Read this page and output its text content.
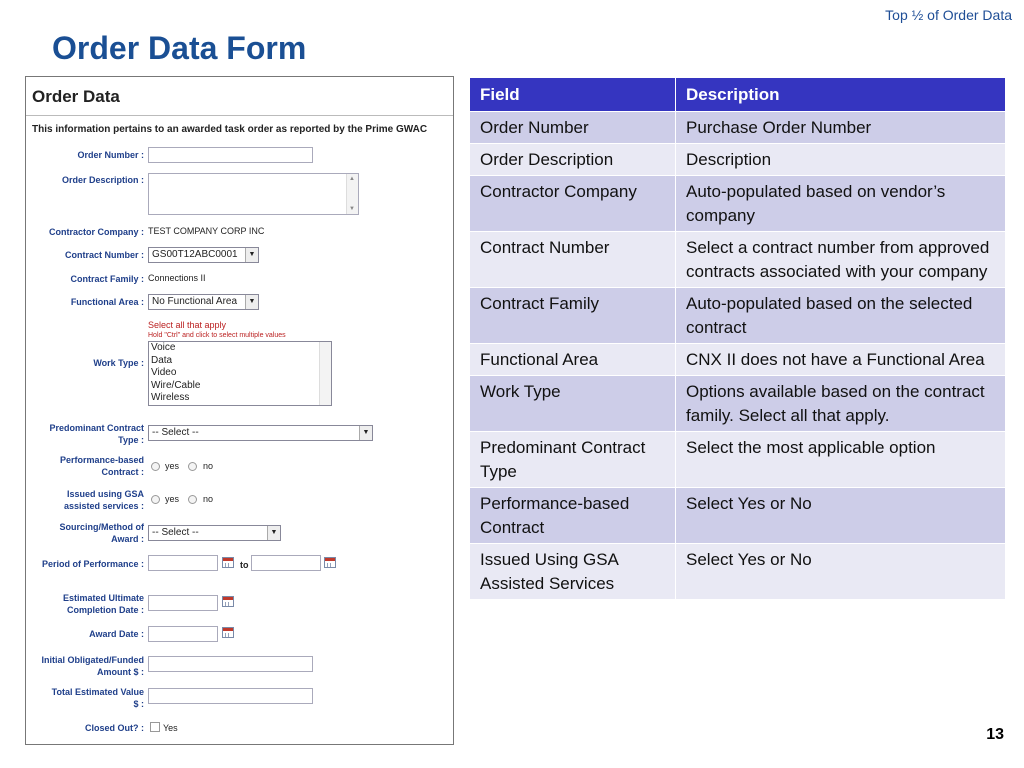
Top ½ of Order Data
Order Data Form
Order Data
This information pertains to an awarded task order as reported by the Prime GWAC
Order Number :
Order Description :
▲ ▼
Contractor Company : TEST COMPANY CORP INC
Contract Number : GS00T12ABC0001	▼
Contract Family : Connections II
Functional Area : No Functional Area	▼
Select all that apply
Hold "Ctrl" and click to select multiple values
Work Type :
Voice
Data
Video
Wire/Cable
Wireless
Predominant Contract
Type :
-- Select --	▼
Performance-based
Contract :
yes	no
Issued using GSA
assisted services :
yes	no
Sourcing/Method of
Award :
-- Select --	▼
Period of Performance :	to
Estimated Ultimate
Completion Date :
Award Date :
Initial Obligated/Funded
Amount $ :
Total Estimated Value
$ :
Closed Out? : Yes
Field	Description
Order Number	Purchase Order Number
Order Description	Description
Contractor Company	Auto-populated based on vendor’s company
Contract Number	Select a contract number from approved contracts associated with your company
Contract Family	Auto-populated based on the selected contract
Functional Area	CNX II does not have a Functional Area
Work Type	Options available based on the contract family. Select all that apply.
Predominant Contract Type	Select the most applicable option
Performance-based Contract	Select Yes or No
Issued Using GSA Assisted Services	Select Yes or No
13
